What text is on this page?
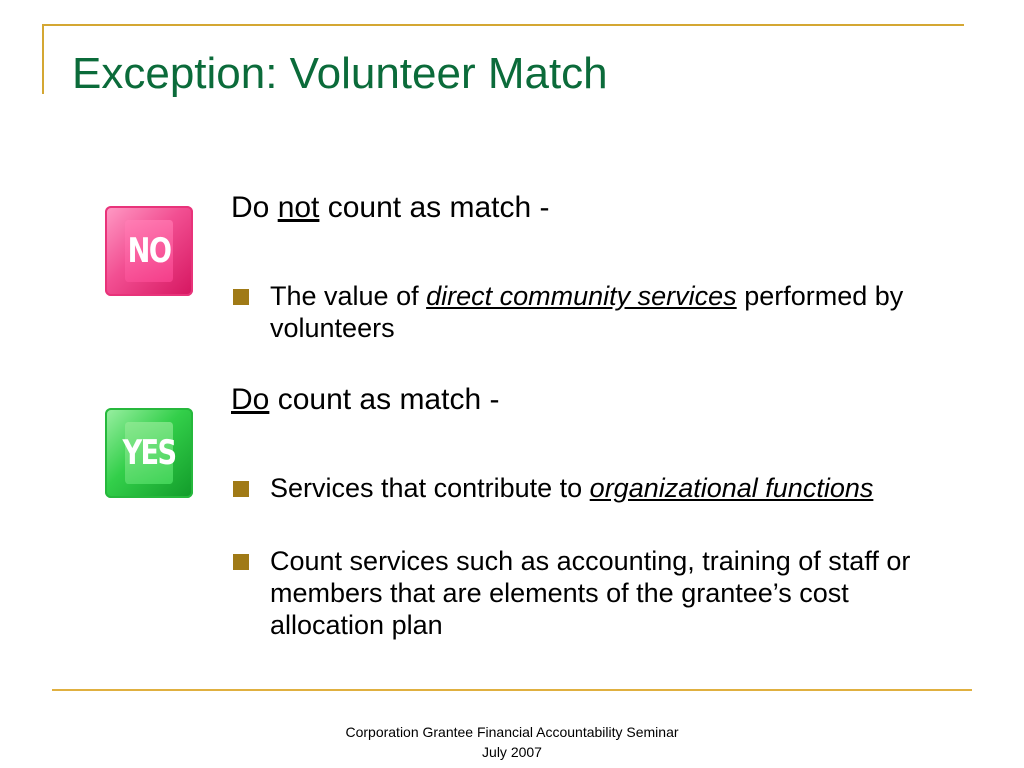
Exception: Volunteer Match
NO
Do not count as match -
The value of direct community services performed by volunteers
YES
Do count as match -
Services that contribute to organizational functions
Count services such as accounting, training of staff or members that are elements of the grantee’s cost allocation plan
Corporation Grantee Financial Accountability Seminar
July 2007
